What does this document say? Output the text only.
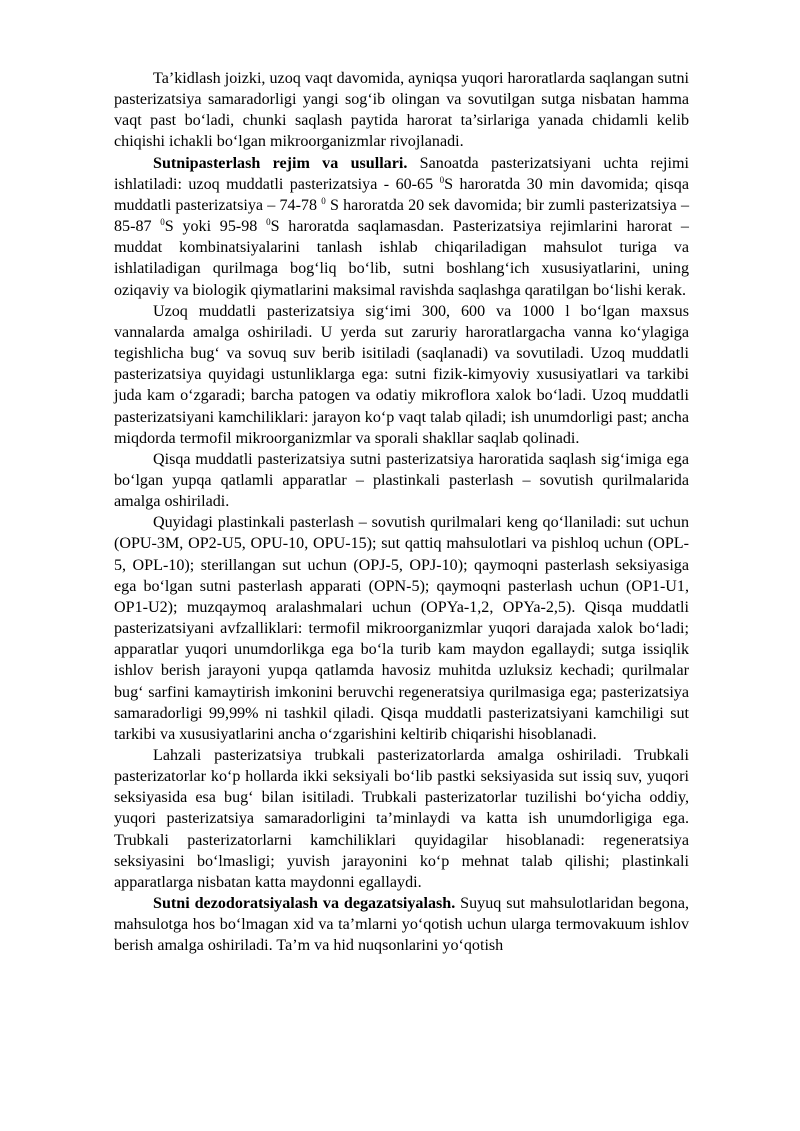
Ta’kidlash joizki, uzoq vaqt davomida, ayniqsa yuqori haroratlarda saqlangan sutni pasterizatsiya samaradorligi yangi sog‘ib olingan va sovutilgan sutga nisbatan hamma vaqt past bo‘ladi, chunki saqlash paytida harorat ta’sirlariga yanada chidamli kelib chiqishi ichakli bo‘lgan mikroorganizmlar rivojlanadi.

Sutnipasterlash rejim va usullari. Sanoatda pasterizatsiyani uchta rejimi ishlatiladi: uzoq muddatli pasterizatsiya - 60-65 $^0$S haroratda 30 min davomida; qisqa muddatli pasterizatsiya – 74-78 $^0$ S haroratda 20 sek davomida; bir zumli pasterizatsiya – 85-87 $^0$S yoki 95-98 $^0$S haroratda saqlamasdan. Pasterizatsiya rejimlarini harorat – muddat kombinatsiyalarini tanlash ishlab chiqariladigan mahsulot turiga va ishlatiladigan qurilmaga bog‘liq bo‘lib, sutni boshlang‘ich xususiyatlarini, uning oziqaviy va biologik qiymatlarini maksimal ravishda saqlashga qaratilgan bo‘lishi kerak.

Uzoq muddatli pasterizatsiya sig‘imi 300, 600 va 1000 l bo‘lgan maxsus vannalarda amalga oshiriladi. U yerda sut zaruriy haroratlargacha vanna ko‘ylagiga tegishlicha bug‘ va sovuq suv berib isitiladi (saqlanadi) va sovutiladi. Uzoq muddatli pasterizatsiya quyidagi ustunliklarga ega: sutni fizik-kimyoviy xususiyatlari va tarkibi juda kam o‘zgaradi; barcha patogen va odatiy mikroflora xalok bo‘ladi. Uzoq muddatli pasterizatsiyani kamchiliklari: jarayon ko‘p vaqt talab qiladi; ish unumdorligi past; ancha miqdorda termofil mikroorganizmlar va sporali shakllar saqlab qolinadi.

Qisqa muddatli pasterizatsiya sutni pasterizatsiya haroratida saqlash sig‘imiga ega bo‘lgan yupqa qatlamli apparatlar – plastinkali pasterlash – sovutish qurilmalarida amalga oshiriladi.

Quyidagi plastinkali pasterlash – sovutish qurilmalari keng qo‘llaniladi: sut uchun (OPU-3M, OP2-U5, OPU-10, OPU-15); sut qattiq mahsulotlari va pishloq uchun (OPL-5, OPL-10); sterillangan sut uchun (OPJ-5, OPJ-10); qaymoqni pasterlash seksiyasiga ega bo‘lgan sutni pasterlash apparati (OPN-5); qaymoqni pasterlash uchun (OP1-U1, OP1-U2); muzqaymoq aralashmalari uchun (OPYa-1,2, OPYa-2,5). Qisqa muddatli pasterizatsiyani avfzalliklari: termofil mikroorganizmlar yuqori darajada xalok bo‘ladi; apparatlar yuqori unumdorlikga ega bo‘la turib kam maydon egallaydi; sutga issiqlik ishlov berish jarayoni yupqa qatlamda havosiz muhitda uzluksiz kechadi; qurilmalar bug‘ sarfini kamaytirish imkonini beruvchi regeneratsiya qurilmasiga ega; pasterizatsiya samaradorligi 99,99% ni tashkil qiladi. Qisqa muddatli pasterizatsiyani kamchiligi sut tarkibi va xususiyatlarini ancha o‘zgarishini keltirib chiqarishi hisoblanadi.

Lahzali pasterizatsiya trubkali pasterizatorlarda amalga oshiriladi. Trubkali pasterizatorlar ko‘p hollarda ikki seksiyali bo‘lib pastki seksiyasida sut issiq suv, yuqori seksiyasida esa bug‘ bilan isitiladi. Trubkali pasterizatorlar tuzilishi bo‘yicha oddiy, yuqori pasterizatsiya samaradorligini ta’minlaydi va katta ish unumdorligiga ega. Trubkali pasterizatorlarni kamchiliklari quyidagilar hisoblanadi: regeneratsiya seksiyasini bo‘lmasligi; yuvish jarayonini ko‘p mehnat talab qilishi; plastinkali apparatlarga nisbatan katta maydonni egallaydi.

Sutni dezodoratsiyalash va degazatsiyalash. Suyuq sut mahsulotlaridan begona, mahsulotga hos bo‘lmagan xid va ta’mlarni yo‘qotish uchun ularga termovakuum ishlov berish amalga oshiriladi. Ta’m va hid nuqsonlarini yo‘qotish
